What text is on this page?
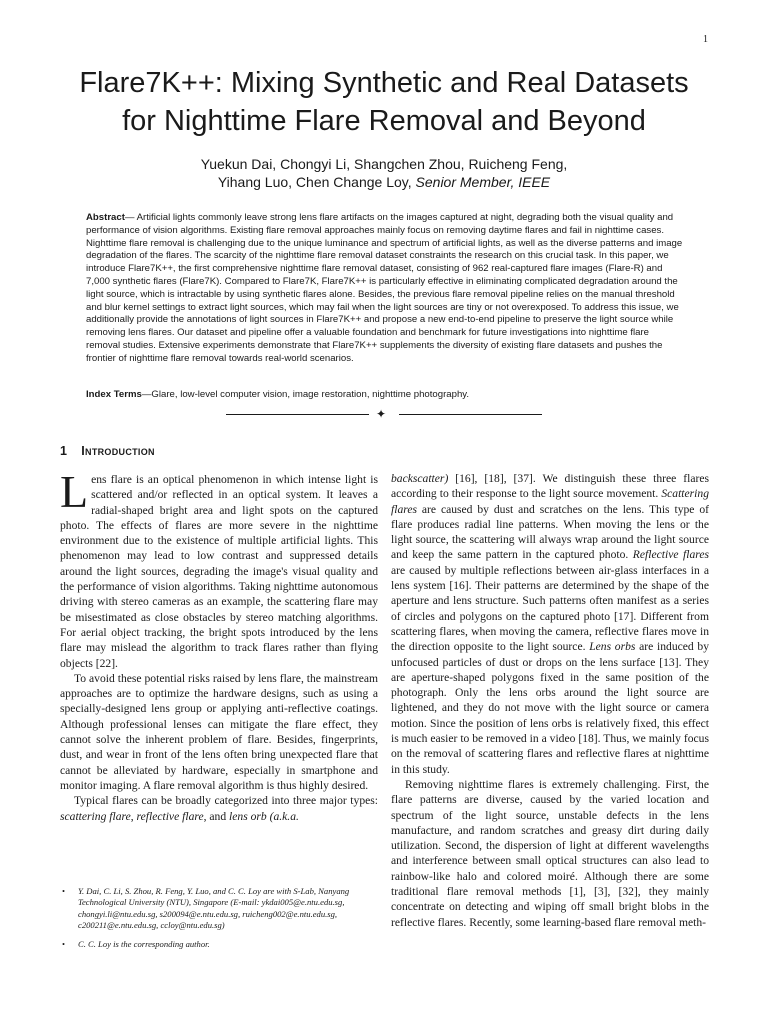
1
Flare7K++: Mixing Synthetic and Real Datasets
for Nighttime Flare Removal and Beyond
Yuekun Dai, Chongyi Li, Shangchen Zhou, Ruicheng Feng,
Yihang Luo, Chen Change Loy, Senior Member, IEEE
Abstract— Artificial lights commonly leave strong lens flare artifacts on the images captured at night, degrading both the visual quality and performance of vision algorithms. Existing flare removal approaches mainly focus on removing daytime flares and fail in nighttime cases. Nighttime flare removal is challenging due to the unique luminance and spectrum of artificial lights, as well as the diverse patterns and image degradation of the flares. The scarcity of the nighttime flare removal dataset constraints the research on this crucial task. In this paper, we introduce Flare7K++, the first comprehensive nighttime flare removal dataset, consisting of 962 real-captured flare images (Flare-R) and 7,000 synthetic flares (Flare7K). Compared to Flare7K, Flare7K++ is particularly effective in eliminating complicated degradation around the light source, which is intractable by using synthetic flares alone. Besides, the previous flare removal pipeline relies on the manual threshold and blur kernel settings to extract light sources, which may fail when the light sources are tiny or not overexposed. To address this issue, we additionally provide the annotations of light sources in Flare7K++ and propose a new end-to-end pipeline to preserve the light source while removing lens flares. Our dataset and pipeline offer a valuable foundation and benchmark for future investigations into nighttime flare removal studies. Extensive experiments demonstrate that Flare7K++ supplements the diversity of existing flare datasets and pushes the frontier of nighttime flare removal towards real-world scenarios.
Index Terms—Glare, low-level computer vision, image restoration, nighttime photography.
✦
1 Introduction

Lens flare is an optical phenomenon in which intense light is scattered and/or reflected in an optical system. It leaves a radial-shaped bright area and light spots on the captured photo. The effects of flares are more severe in the nighttime environment due to the existence of multiple artificial lights. This phenomenon may lead to low contrast and suppressed details around the light sources, degrading the image's visual quality and the performance of vision algorithms. Taking nighttime autonomous driving with stereo cameras as an example, the scattering flare may be misestimated as close obstacles by stereo matching algorithms. For aerial object tracking, the bright spots introduced by the lens flare may mislead the algorithm to track flares rather than flying objects [22].

To avoid these potential risks raised by lens flare, the mainstream approaches are to optimize the hardware designs, such as using a specially-designed lens group or applying anti-reflective coatings. Although professional lenses can mitigate the flare effect, they cannot solve the inherent problem of flare. Besides, fingerprints, dust, and wear in front of the lens often bring unexpected flare that cannot be alleviated by hardware, especially in smartphone and monitor imaging. A flare removal algorithm is thus highly desired.

Typical flares can be broadly categorized into three major types: scattering flare, reflective flare, and lens orb (a.k.a.

backscatter) [16], [18], [37]. We distinguish these three flares according to their response to the light source movement. Scattering flares are caused by dust and scratches on the lens. This type of flare produces radial line patterns. When moving the lens or the light source, the scattering will always wrap around the light source and keep the same pattern in the captured photo. Reflective flares are caused by multiple reflections between air-glass interfaces in a lens system [16]. Their patterns are determined by the shape of the aperture and lens structure. Such patterns often manifest as a series of circles and polygons on the captured photo [17]. Different from scattering flares, when moving the camera, reflective flares move in the direction opposite to the light source. Lens orbs are induced by unfocused particles of dust or drops on the lens surface [13]. They are aperture-shaped polygons fixed in the same position of the photograph. Only the lens orbs around the light source are lightened, and they do not move with the light source or camera motion. Since the position of lens orbs is relatively fixed, this effect is much easier to be removed in a video [18]. Thus, we mainly focus on the removal of scattering flares and reflective flares at nighttime in this study.

Removing nighttime flares is extremely challenging. First, the flare patterns are diverse, caused by the varied location and spectrum of the light source, unstable defects in the lens manufacture, and random scratches and greasy dirt during daily utilization. Second, the dispersion of light at different wavelengths and interference between small optical structures can also lead to rainbow-like halo and colored moiré. Although there are some traditional flare removal methods [1], [3], [32], they mainly concentrate on detecting and wiping off small bright blobs in the reflective flares. Recently, some learning-based flare removal meth-

• Y. Dai, C. Li, S. Zhou, R. Feng, Y. Luo, and C. C. Loy are with S-Lab, Nanyang Technological University (NTU), Singapore (E-mail: ykdai005@e.ntu.edu.sg, chongyi.li@ntu.edu.sg, s200094@e.ntu.edu.sg, ruicheng002@e.ntu.edu.sg, c200211@e.ntu.edu.sg, ccloy@ntu.edu.sg)
• C. C. Loy is the corresponding author.
